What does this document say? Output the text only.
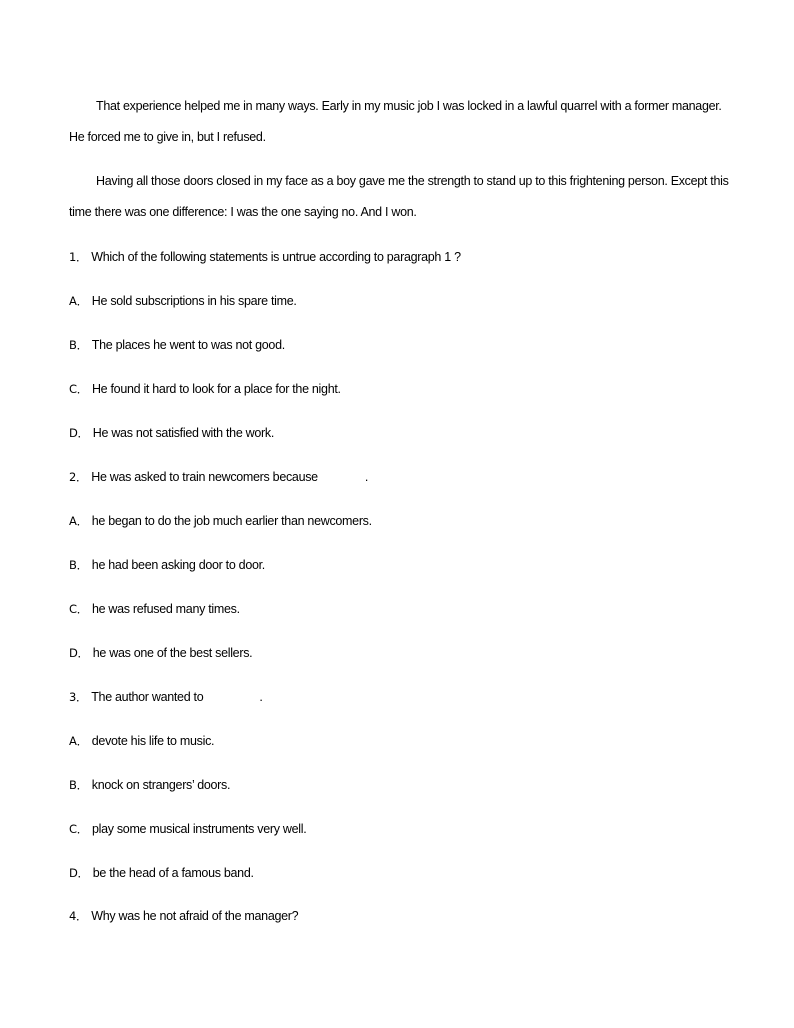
That experience helped me in many ways. Early in my music job I was locked in a lawful quarrel with a former manager. He forced me to give in, but I refused.

Having all those doors closed in my face as a boy gave me the strength to stand up to this frightening person. Except this time there was one difference: I was the one saying no. And I won.

1． Which of the following statements is untrue according to paragraph 1 ?
A． He sold subscriptions in his spare time.
B． The places he went to was not good.
C． He found it hard to look for a place for the night.
D． He was not satisfied with the work.
2． He was asked to train newcomers because	.
A． he began to do the job much earlier than newcomers.
B． he had been asking door to door.
C． he was refused many times.
D． he was one of the best sellers.
3． The author wanted to	.
A． devote his life to music.
B． knock on strangers’ doors.
C． play some musical instruments very well.
D． be the head of a famous band.
4． Why was he not afraid of the manager?
